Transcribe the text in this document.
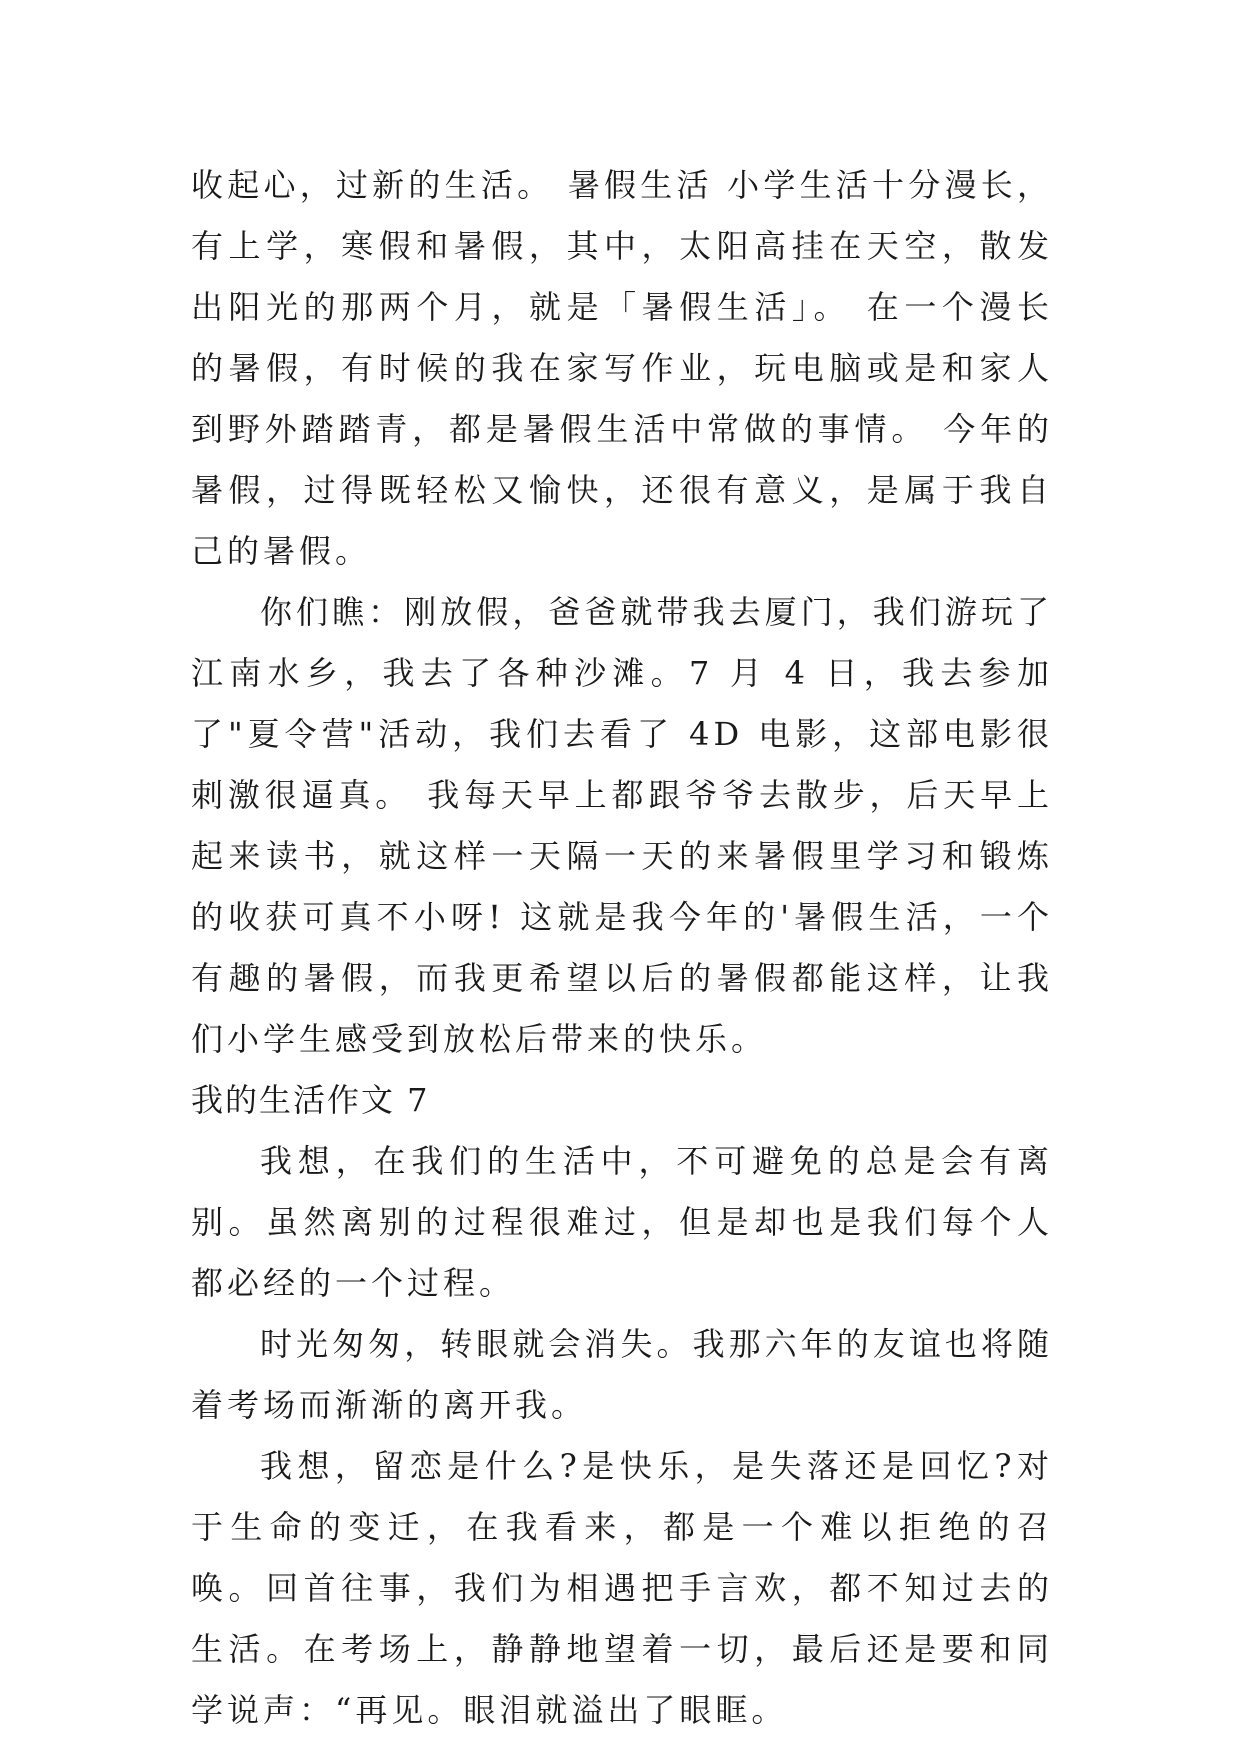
收起心，过新的生活。 暑假生活 小学生活十分漫长，有上学，寒假和暑假，其中，太阳高挂在天空，散发出阳光的那两个月，就是「暑假生活」。 在一个漫长的暑假，有时候的我在家写作业，玩电脑或是和家人到野外踏踏青，都是暑假生活中常做的事情。 今年的暑假，过得既轻松又愉快，还很有意义，是属于我自己的暑假。

你们瞧：刚放假，爸爸就带我去厦门，我们游玩了江南水乡，我去了各种沙滩。7 月 4 日，我去参加了"夏令营"活动，我们去看了 4D 电影，这部电影很刺激很逼真。 我每天早上都跟爷爷去散步，后天早上起来读书，就这样一天隔一天的来暑假里学习和锻炼的收获可真不小呀! 这就是我今年的'暑假生活，一个有趣的暑假，而我更希望以后的暑假都能这样，让我们小学生感受到放松后带来的快乐。

我的生活作文 7

我想，在我们的生活中，不可避免的总是会有离别。虽然离别的过程很难过，但是却也是我们每个人都必经的一个过程。

时光匆匆，转眼就会消失。我那六年的友谊也将随着考场而渐渐的离开我。

我想，留恋是什么?是快乐，是失落还是回忆?对于生命的变迁，在我看来，都是一个难以拒绝的召唤。回首往事，我们为相遇把手言欢，都不知过去的生活。在考场上，静静地望着一切，最后还是要和同学说声：“再见。眼泪就溢出了眼眶。
